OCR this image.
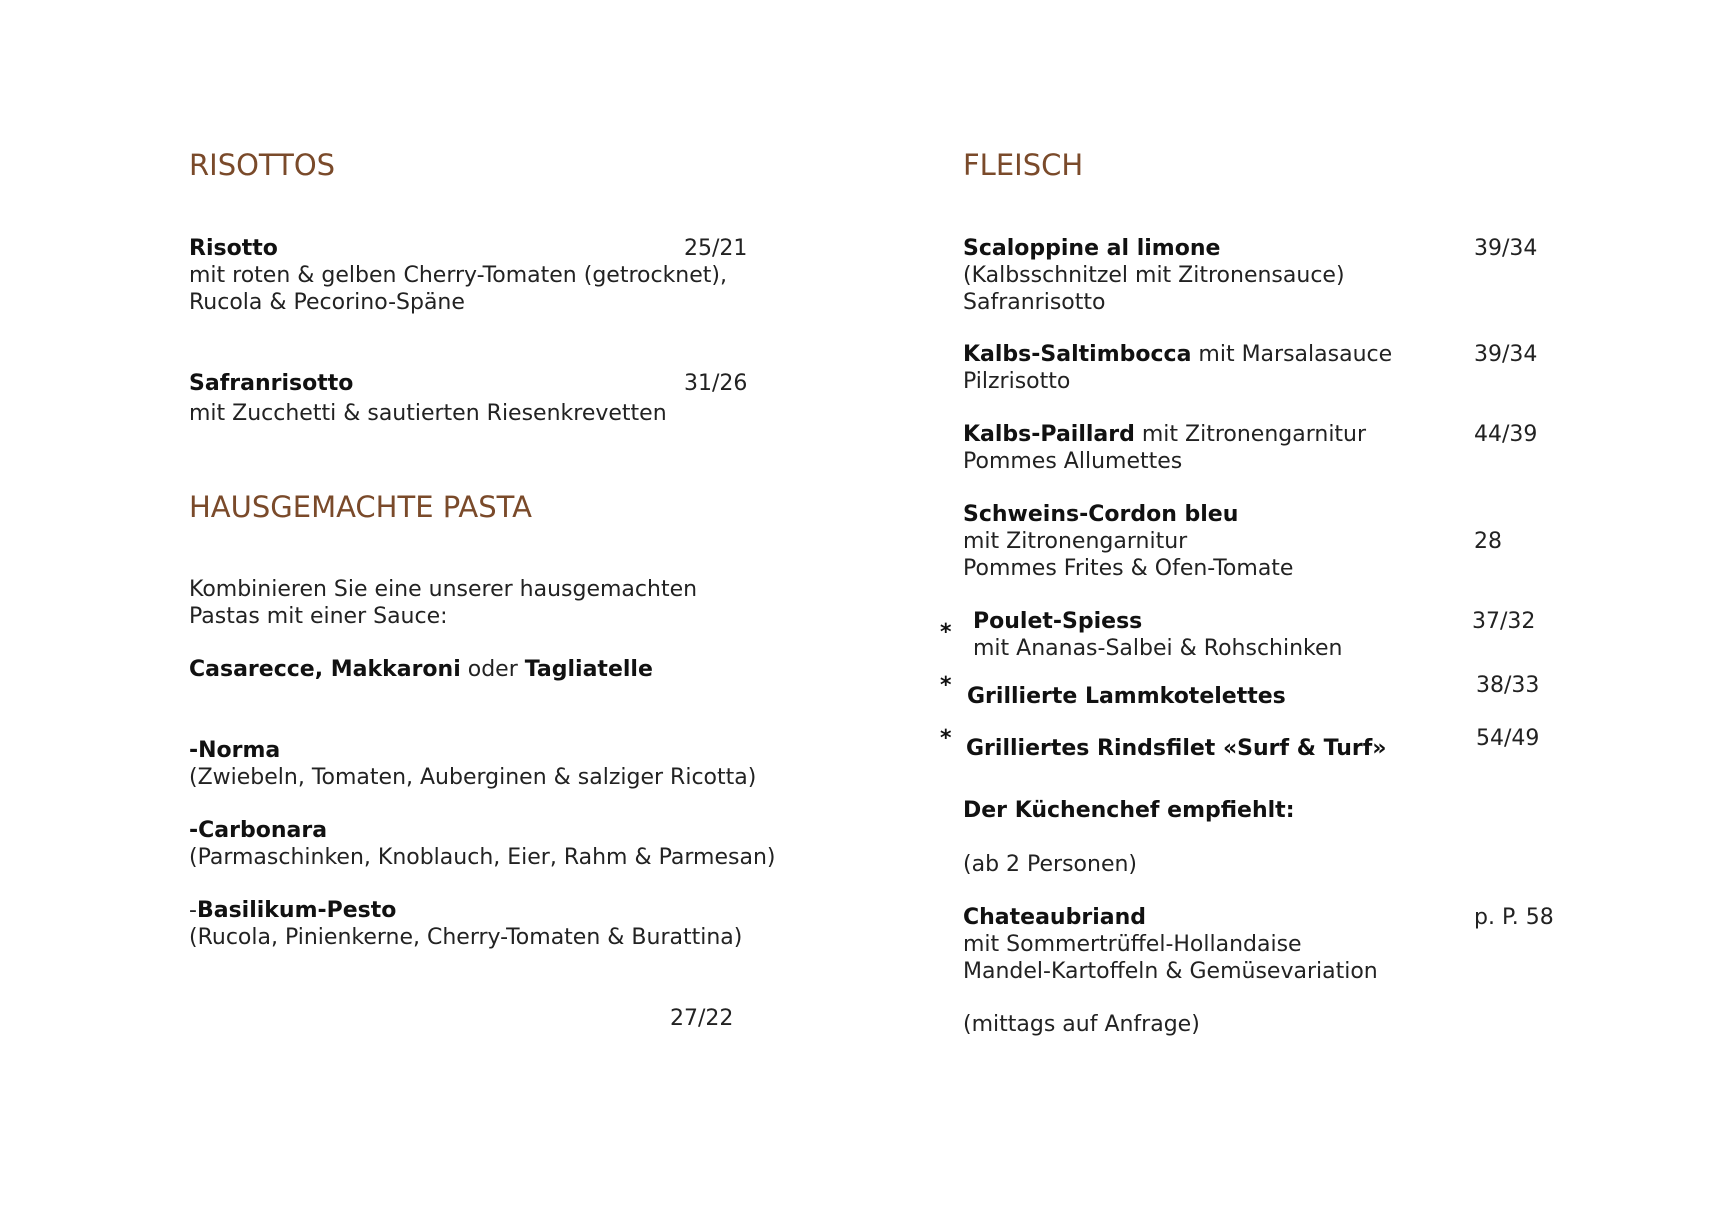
RISOTTOS
Risotto	25/21
mit roten & gelben Cherry-Tomaten (getrocknet),
Rucola & Pecorino-Späne
Safranrisotto	31/26
mit Zucchetti & sautierten Riesenkrevetten
HAUSGEMACHTE PASTA
Kombinieren Sie eine unserer hausgemachten
Pastas mit einer Sauce:
Casarecce, Makkaroni oder Tagliatelle
-Norma
(Zwiebeln, Tomaten, Auberginen & salziger Ricotta)
-Carbonara
(Parmaschinken, Knoblauch, Eier, Rahm & Parmesan)
-Basilikum-Pesto
(Rucola, Pinienkerne, Cherry-Tomaten & Burattina)
27/22
FLEISCH
Scaloppine al limone	39/34
(Kalbsschnitzel mit Zitronensauce)
Safranrisotto
Kalbs-Saltimbocca mit Marsalasauce	39/34
Pilzrisotto
Kalbs-Paillard mit Zitronengarnitur	44/39
Pommes Allumettes
Schweins-Cordon bleu
mit Zitronengarnitur	28
Pommes Frites & Ofen-Tomate
* Poulet-Spiess	37/32
mit Ananas-Salbei & Rohschinken
* Grillierte Lammkotelettes	38/33
* Grilliertes Rindsfilet «Surf & Turf»	54/49
Der Küchenchef empfiehlt:
(ab 2 Personen)
Chateaubriand	p. P. 58
mit Sommertrüffel-Hollandaise
Mandel-Kartoffeln & Gemüsevariation
(mittags auf Anfrage)
